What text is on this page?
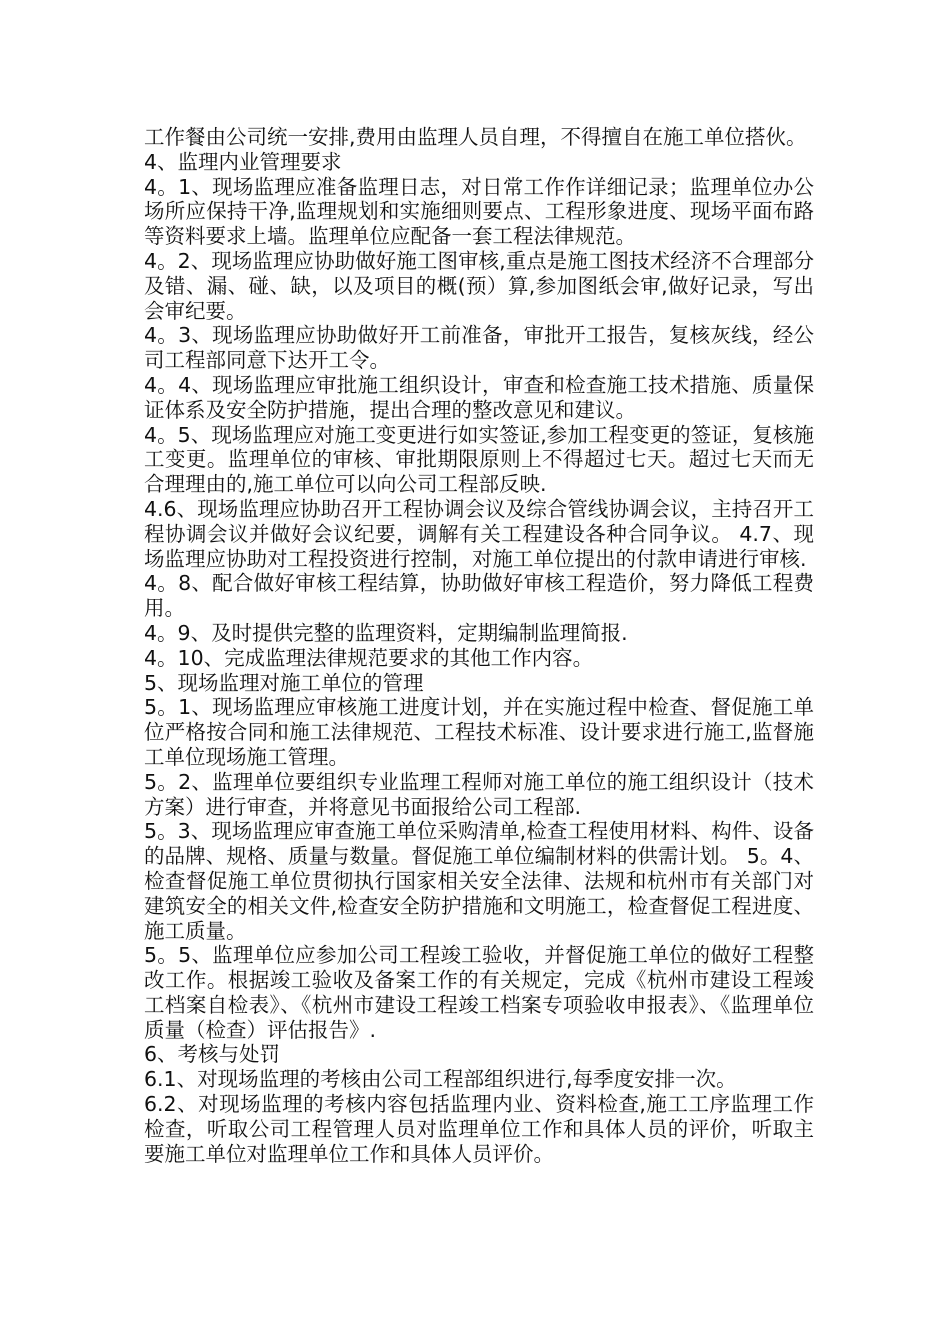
工作餐由公司统一安排,费用由监理人员自理，不得擅自在施工单位搭伙。

4、监理内业管理要求

4。1、现场监理应准备监理日志，对日常工作作详细记录；监理单位办公场所应保持干净,监理规划和实施细则要点、工程形象进度、现场平面布路等资料要求上墙。监理单位应配备一套工程法律规范。

4。2、现场监理应协助做好施工图审核,重点是施工图技术经济不合理部分及错、漏、碰、缺，以及项目的概(预）算,参加图纸会审,做好记录，写出会审纪要。

4。3、现场监理应协助做好开工前准备，审批开工报告，复核灰线，经公司工程部同意下达开工令。

4。4、现场监理应审批施工组织设计，审查和检查施工技术措施、质量保证体系及安全防护措施，提出合理的整改意见和建议。

4。5、现场监理应对施工变更进行如实签证,参加工程变更的签证，复核施工变更。监理单位的审核、审批期限原则上不得超过七天。超过七天而无合理理由的,施工单位可以向公司工程部反映.

4.6、现场监理应协助召开工程协调会议及综合管线协调会议，主持召开工程协调会议并做好会议纪要，调解有关工程建设各种合同争议。 4.7、现场监理应协助对工程投资进行控制，对施工单位提出的付款申请进行审核.

4。8、配合做好审核工程结算，协助做好审核工程造价，努力降低工程费用。

4。9、及时提供完整的监理资料，定期编制监理简报.

4。10、完成监理法律规范要求的其他工作内容。

5、现场监理对施工单位的管理

5。1、现场监理应审核施工进度计划，并在实施过程中检查、督促施工单位严格按合同和施工法律规范、工程技术标准、设计要求进行施工,监督施工单位现场施工管理。

5。2、监理单位要组织专业监理工程师对施工单位的施工组织设计（技术方案）进行审查，并将意见书面报给公司工程部.

5。3、现场监理应审查施工单位采购清单,检查工程使用材料、构件、设备的品牌、规格、质量与数量。督促施工单位编制材料的供需计划。 5。4、检查督促施工单位贯彻执行国家相关安全法律、法规和杭州市有关部门对建筑安全的相关文件,检查安全防护措施和文明施工，检查督促工程进度、施工质量。

5。5、监理单位应参加公司工程竣工验收，并督促施工单位的做好工程整改工作。根据竣工验收及备案工作的有关规定，完成《杭州市建设工程竣工档案自检表》、《杭州市建设工程竣工档案专项验收申报表》、《监理单位质量（检查）评估报告》.

6、考核与处罚

6.1、对现场监理的考核由公司工程部组织进行,每季度安排一次。

6.2、对现场监理的考核内容包括监理内业、资料检查,施工工序监理工作检查，听取公司工程管理人员对监理单位工作和具体人员的评价，听取主要施工单位对监理单位工作和具体人员评价。
